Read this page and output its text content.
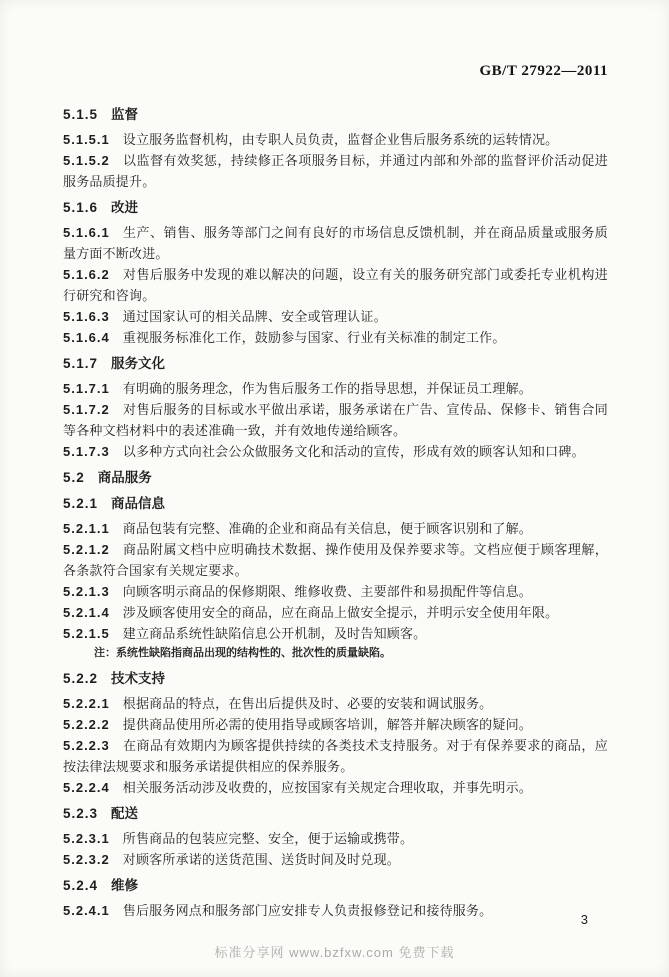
GB/T 27922—2011
5.1.5 监督

5.1.5.1 设立服务监督机构，由专职人员负责，监督企业售后服务系统的运转情况。

5.1.5.2 以监督有效奖惩，持续修正各项服务目标，并通过内部和外部的监督评价活动促进服务品质提升。

5.1.6 改进

5.1.6.1 生产、销售、服务等部门之间有良好的市场信息反馈机制，并在商品质量或服务质量方面不断改进。

5.1.6.2 对售后服务中发现的难以解决的问题，设立有关的服务研究部门或委托专业机构进行研究和咨询。

5.1.6.3 通过国家认可的相关品牌、安全或管理认证。

5.1.6.4 重视服务标准化工作，鼓励参与国家、行业有关标准的制定工作。

5.1.7 服务文化

5.1.7.1 有明确的服务理念，作为售后服务工作的指导思想，并保证员工理解。

5.1.7.2 对售后服务的目标或水平做出承诺，服务承诺在广告、宣传品、保修卡、销售合同等各种文档材料中的表述准确一致，并有效地传递给顾客。

5.1.7.3 以多种方式向社会公众做服务文化和活动的宣传，形成有效的顾客认知和口碑。

5.2 商品服务
5.2.1 商品信息

5.2.1.1 商品包装有完整、准确的企业和商品有关信息，便于顾客识别和了解。

5.2.1.2 商品附属文档中应明确技术数据、操作使用及保养要求等。文档应便于顾客理解，各条款符合国家有关规定要求。

5.2.1.3 向顾客明示商品的保修期限、维修收费、主要部件和易损配件等信息。

5.2.1.4 涉及顾客使用安全的商品，应在商品上做安全提示，并明示安全使用年限。

5.2.1.5 建立商品系统性缺陷信息公开机制，及时告知顾客。

注：系统性缺陷指商品出现的结构性的、批次性的质量缺陷。

5.2.2 技术支持

5.2.2.1 根据商品的特点，在售出后提供及时、必要的安装和调试服务。

5.2.2.2 提供商品使用所必需的使用指导或顾客培训，解答并解决顾客的疑问。

5.2.2.3 在商品有效期内为顾客提供持续的各类技术支持服务。对于有保养要求的商品，应按法律法规要求和服务承诺提供相应的保养服务。

5.2.2.4 相关服务活动涉及收费的，应按国家有关规定合理收取，并事先明示。

5.2.3 配送

5.2.3.1 所售商品的包装应完整、安全，便于运输或携带。

5.2.3.2 对顾客所承诺的送货范围、送货时间及时兑现。

5.2.4 维修

5.2.4.1 售后服务网点和服务部门应安排专人负责报修登记和接待服务。

3
标准分享网 www.bzfxw.com 免费下载
